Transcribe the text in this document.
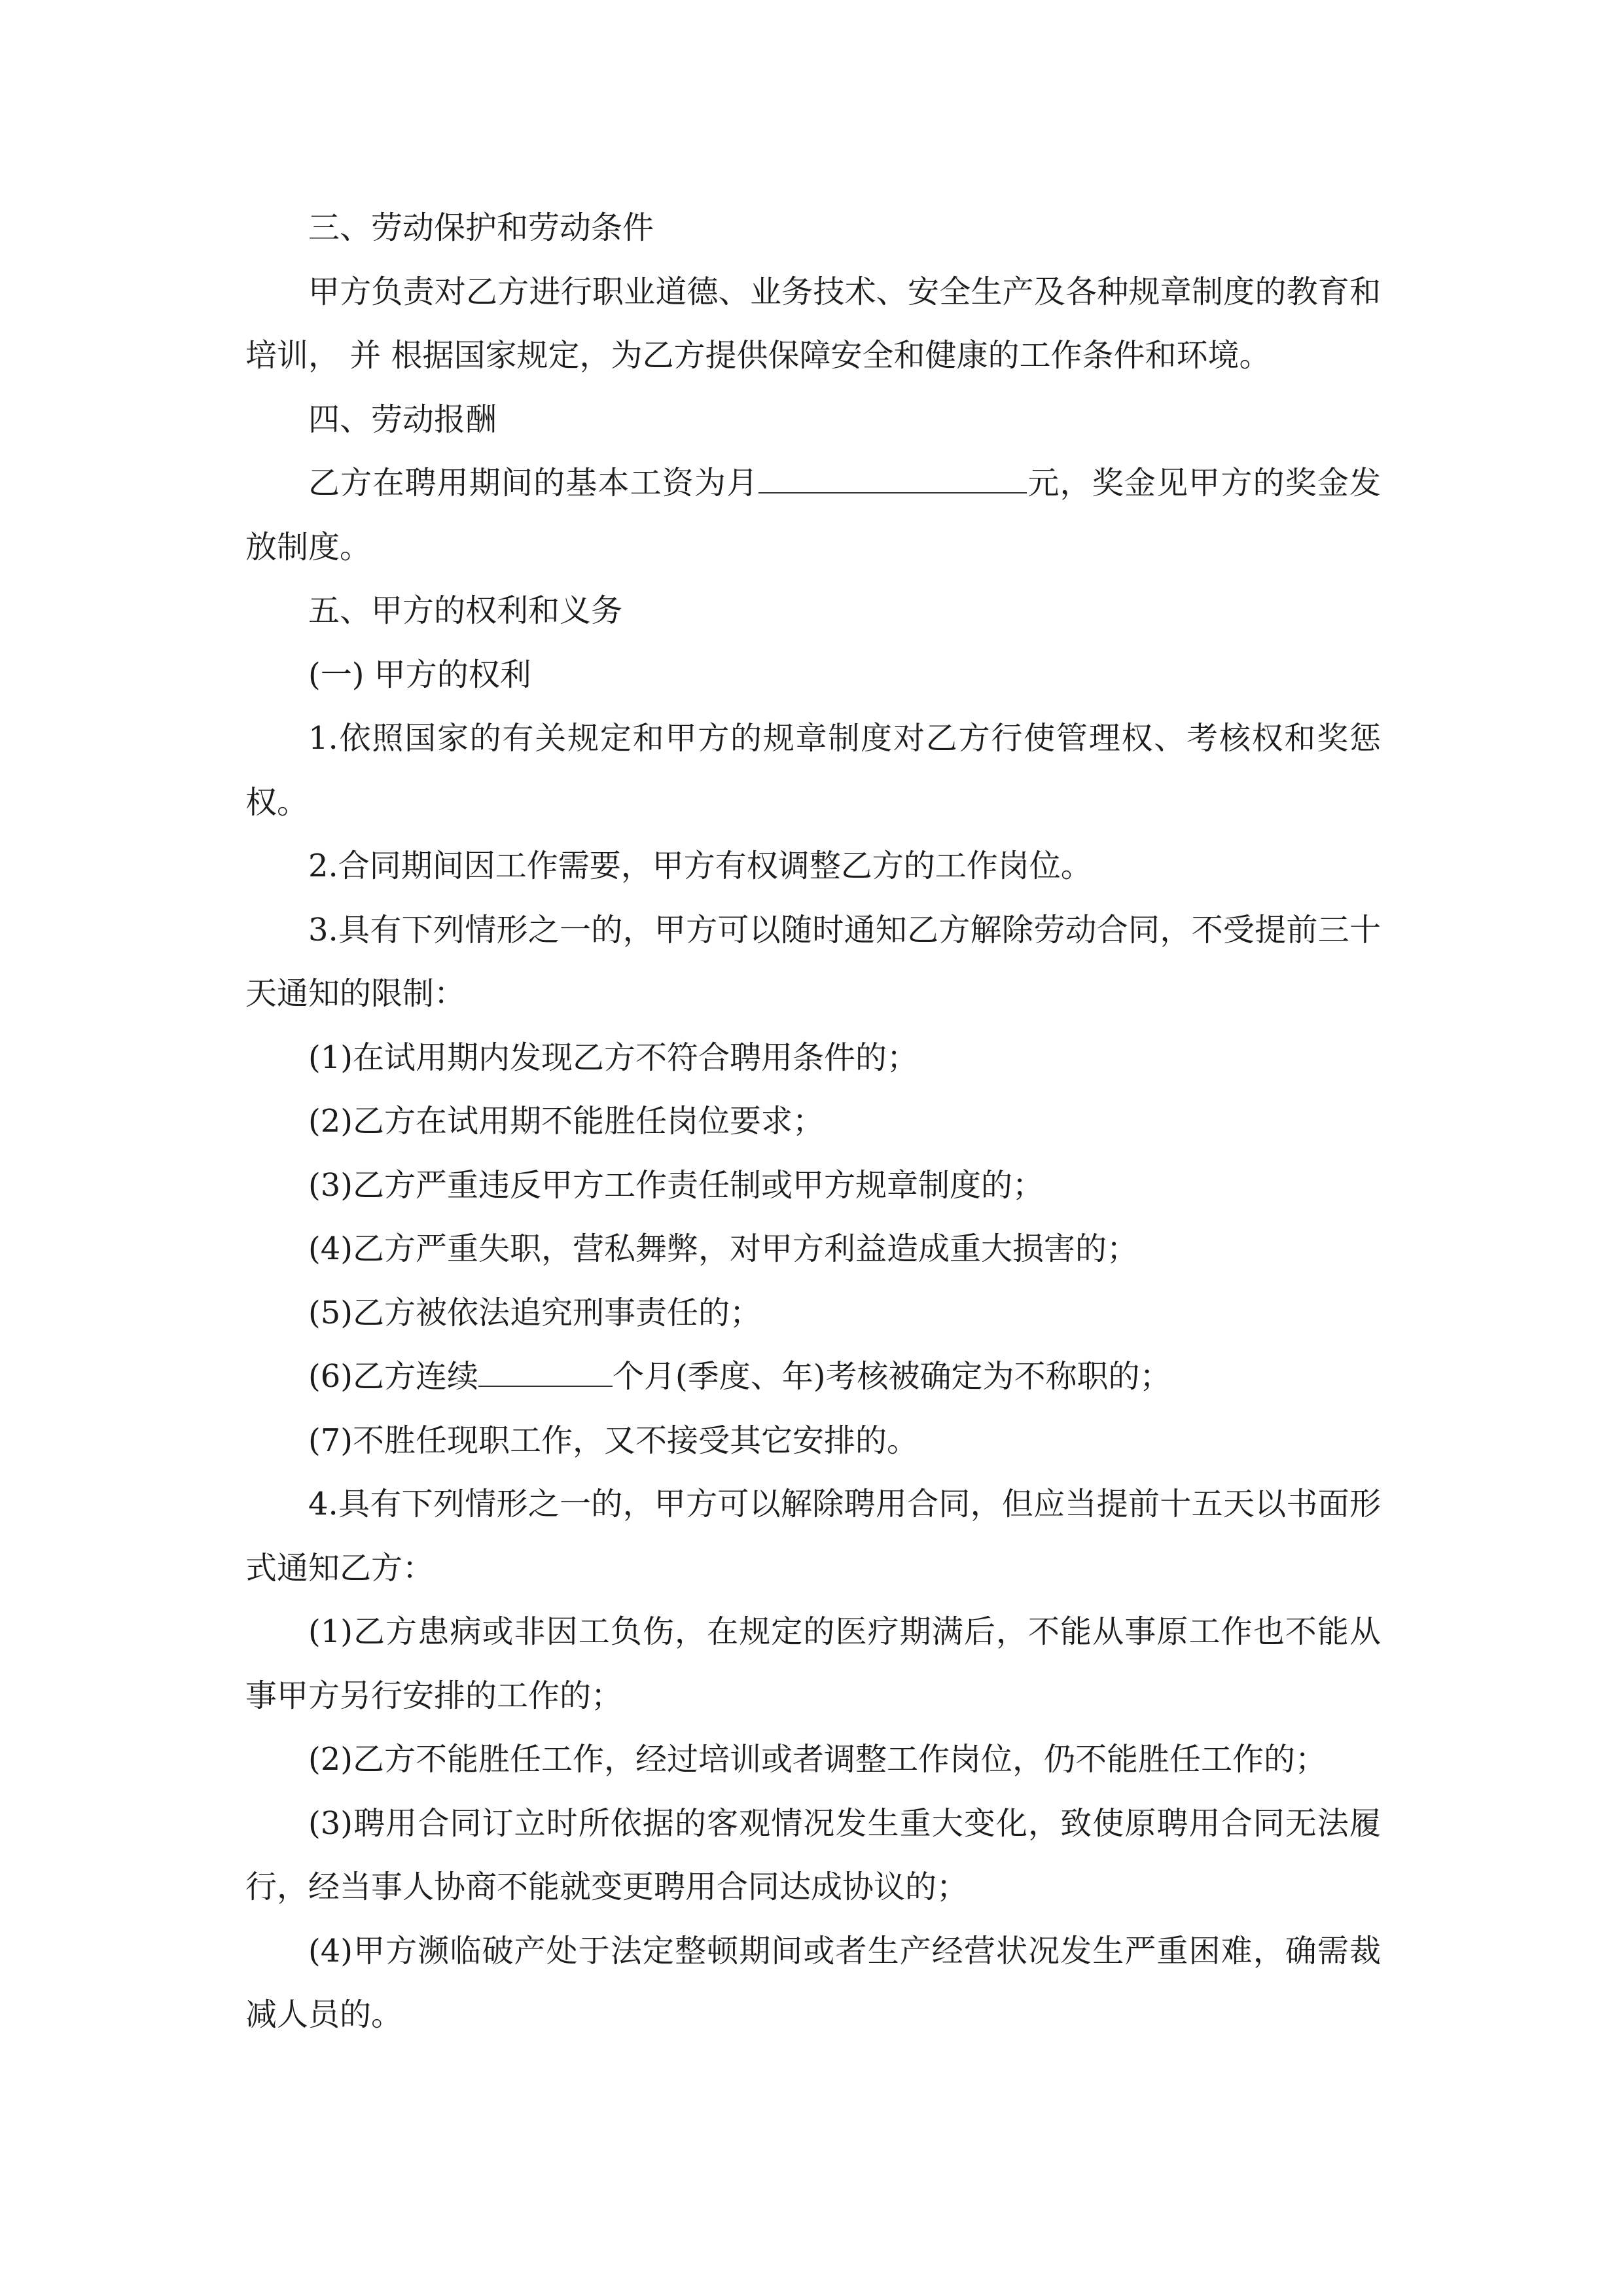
三、劳动保护和劳动条件

甲方负责对乙方进行职业道德、业务技术、安全生产及各种规章制度的教育和培训， 并 根据国家规定，为乙方提供保障安全和健康的工作条件和环境。

四、劳动报酬

乙方在聘用期间的基本工资为月	元，奖金见甲方的奖金发放制度。

五、甲方的权利和义务

(一) 甲方的权利

1.依照国家的有关规定和甲方的规章制度对乙方行使管理权、考核权和奖惩权。

2.合同期间因工作需要，甲方有权调整乙方的工作岗位。

3.具有下列情形之一的，甲方可以随时通知乙方解除劳动合同，不受提前三十天通知的限制：

(1)在试用期内发现乙方不符合聘用条件的；

(2)乙方在试用期不能胜任岗位要求；

(3)乙方严重违反甲方工作责任制或甲方规章制度的；

(4)乙方严重失职，营私舞弊，对甲方利益造成重大损害的；

(5)乙方被依法追究刑事责任的；

(6)乙方连续	个月(季度、年)考核被确定为不称职的；

(7)不胜任现职工作，又不接受其它安排的。

4.具有下列情形之一的，甲方可以解除聘用合同，但应当提前十五天以书面形式通知乙方：

(1)乙方患病或非因工负伤，在规定的医疗期满后，不能从事原工作也不能从事甲方另行安排的工作的；

(2)乙方不能胜任工作，经过培训或者调整工作岗位，仍不能胜任工作的；

(3)聘用合同订立时所依据的客观情况发生重大变化，致使原聘用合同无法履行，经当事人协商不能就变更聘用合同达成协议的；

(4)甲方濒临破产处于法定整顿期间或者生产经营状况发生严重困难，确需裁减人员的。
